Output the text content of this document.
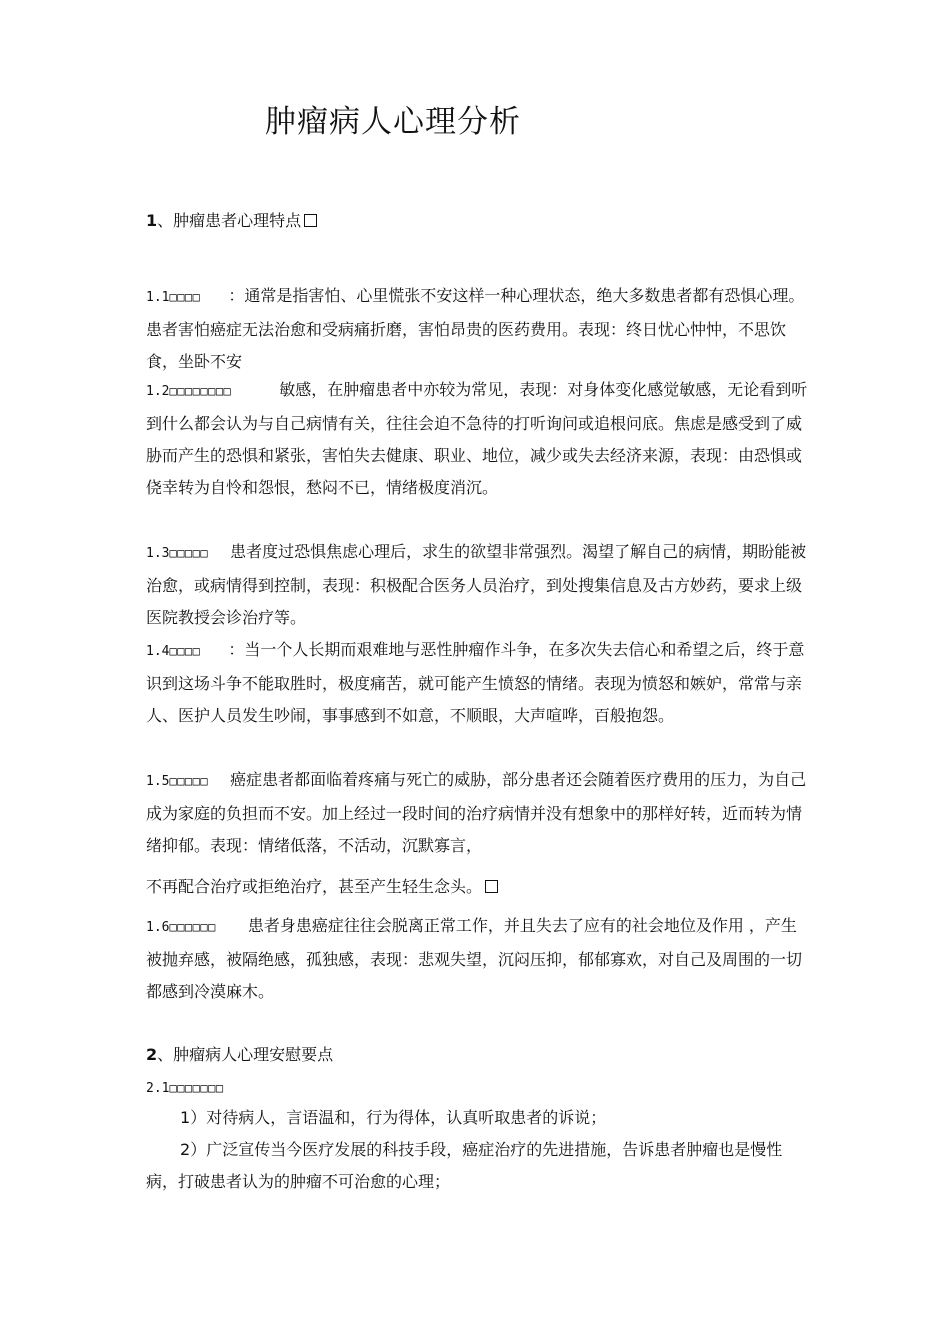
肿瘤病人心理分析

1、肿瘤患者心理特点

1.1□□□□ ：通常是指害怕、心里慌张不安这样一种心理状态，绝大多数患者都有恐惧心理。患者害怕癌症无法治愈和受病痛折磨，害怕昂贵的医药费用。表现：终日忧心忡忡，不思饮食，坐卧不安

1.2□□□□□□□□	敏感，在肿瘤患者中亦较为常见，表现：对身体变化感觉敏感，无论看到听到什么都会认为与自己病情有关，往往会迫不急待的打听询问或追根问底。焦虑是感受到了威胁而产生的恐惧和紧张，害怕失去健康、职业、地位，减少或失去经济来源，表现：由恐惧或侥幸转为自怜和怨恨，愁闷不已，情绪极度消沉。

1.3□□□□□ 患者度过恐惧焦虑心理后，求生的欲望非常强烈。渴望了解自己的病情，期盼能被治愈，或病情得到控制，表现：积极配合医务人员治疗，到处搜集信息及古方妙药，要求上级医院教授会诊治疗等。

1.4□□□□ ：当一个人长期而艰难地与恶性肿瘤作斗争，在多次失去信心和希望之后，终于意识到这场斗争不能取胜时，极度痛苦，就可能产生愤怒的情绪。表现为愤怒和嫉妒，常常与亲人、医护人员发生吵闹，事事感到不如意，不顺眼，大声喧哗，百般抱怨。

1.5□□□□□ 癌症患者都面临着疼痛与死亡的威胁，部分患者还会随着医疗费用的压力，为自己成为家庭的负担而不安。加上经过一段时间的治疗病情并没有想象中的那样好转，近而转为情绪抑郁。表现：情绪低落，不活动，沉默寡言，

不再配合治疗或拒绝治疗，甚至产生轻生念头。

1.6□□□□□□ 患者身患癌症往往会脱离正常工作，并且失去了应有的社会地位及作用 ，产生被抛弃感，被隔绝感，孤独感，表现：悲观失望，沉闷压抑，郁郁寡欢，对自己及周围的一切都感到冷漠麻木。

2、肿瘤病人心理安慰要点

2.1□□□□□□□

1）对待病人，言语温和，行为得体，认真听取患者的诉说；

2）广泛宣传当今医疗发展的科技手段，癌症治疗的先进措施，告诉患者肿瘤也是慢性病，打破患者认为的肿瘤不可治愈的心理；
